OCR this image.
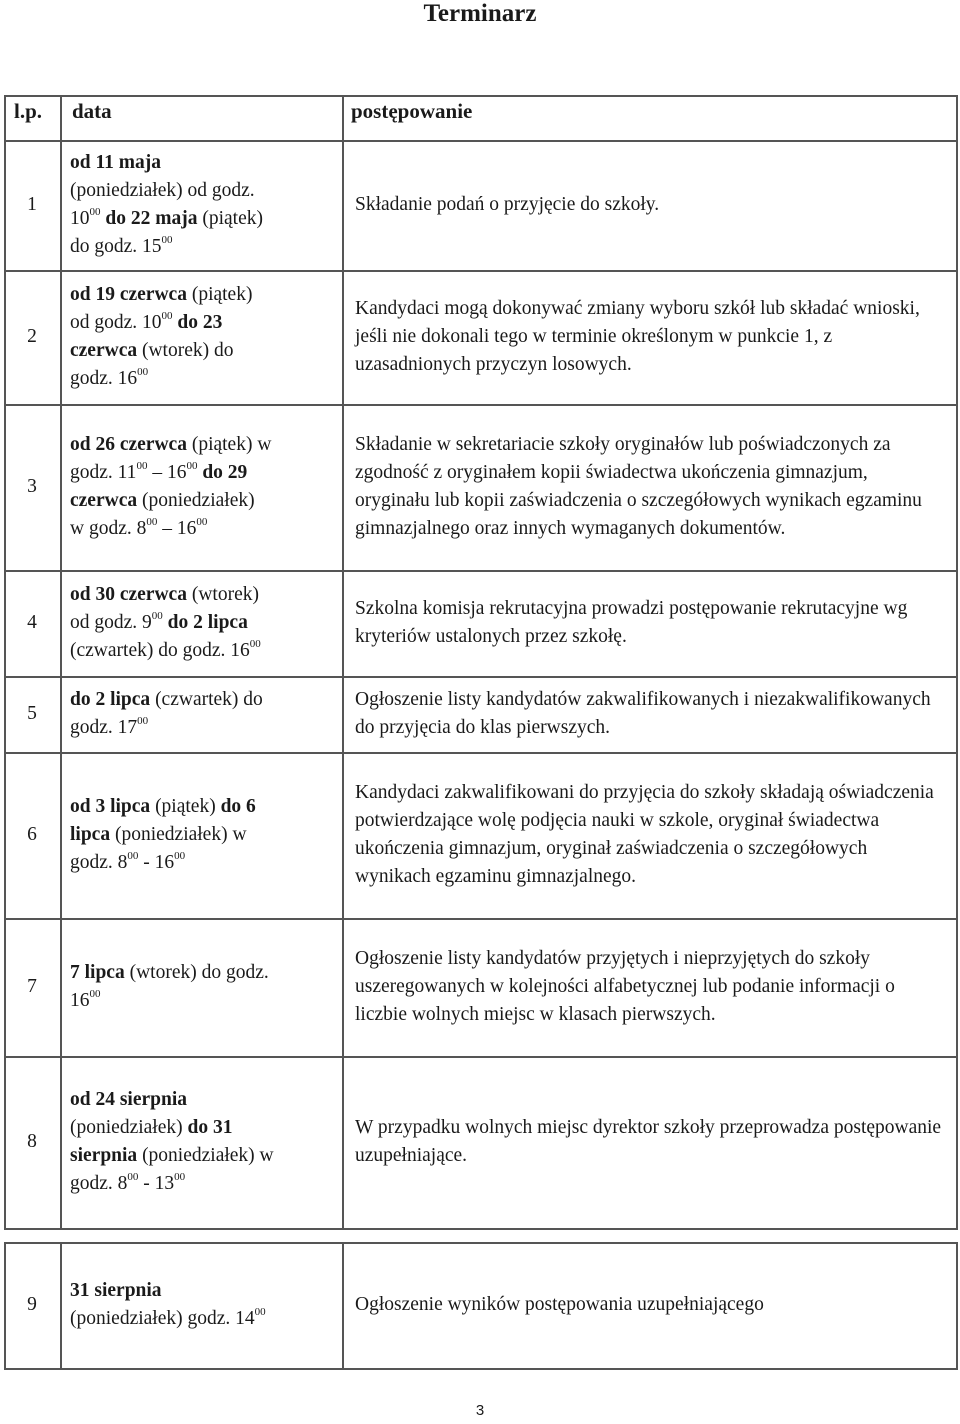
Terminarz
l.p. data	postępowanie
1
od 11 maja
(poniedziałek) od godz.
$10^{00}$ do 22 maja (piątek)
do godz. $15^{00}$
Składanie podań o przyjęcie do szkoły.
2
od 19 czerwca (piątek)
od godz. $10^{00}$ do 23
czerwca (wtorek) do
godz. $16^{00}$
Kandydaci mogą dokonywać zmiany wyboru szkół lub składać wnioski, jeśli nie dokonali tego w terminie określonym w punkcie 1, z uzasadnionych przyczyn losowych.
3
od 26 czerwca (piątek) w
godz. $11^{00} - 16^{00}$ do 29
czerwca (poniedziałek)
w godz. $8^{00} - 16^{00}$
Składanie w sekretariacie szkoły oryginałów lub poświadczonych za zgodność z oryginałem kopii świadectwa ukończenia gimnazjum, oryginału lub kopii zaświadczenia o szczegółowych wynikach egzaminu gimnazjalnego oraz innych wymaganych dokumentów.
4
od 30 czerwca (wtorek)
od godz. $9^{00}$ do 2 lipca
(czwartek) do godz. $16^{00}$
Szkolna komisja rekrutacyjna prowadzi postępowanie rekrutacyjne wg kryteriów ustalonych przez szkołę.
5
do 2 lipca (czwartek) do
godz. $17^{00}$
Ogłoszenie listy kandydatów zakwalifikowanych i niezakwalifikowanych do przyjęcia do klas pierwszych.
6
od 3 lipca (piątek) do 6
lipca (poniedziałek) w
godz. $8^{00} - 16^{00}$
Kandydaci zakwalifikowani do przyjęcia do szkoły składają oświadczenia potwierdzające wolę podjęcia nauki w szkole, oryginał świadectwa ukończenia gimnazjum, oryginał zaświadczenia o szczegółowych wynikach egzaminu gimnazjalnego.
7
7 lipca (wtorek) do godz.
$16^{00}$
Ogłoszenie listy kandydatów przyjętych i nieprzyjętych do szkoły uszeregowanych w kolejności alfabetycznej lub podanie informacji o liczbie wolnych miejsc w klasach pierwszych.
8
od 24 sierpnia
(poniedziałek) do 31
sierpnia (poniedziałek) w
godz. $8^{00} - 13^{00}$
W przypadku wolnych miejsc dyrektor szkoły przeprowadza postępowanie uzupełniające.
9
31 sierpnia
(poniedziałek) godz. $14^{00}$	Ogłoszenie wyników postępowania uzupełniającego
3
